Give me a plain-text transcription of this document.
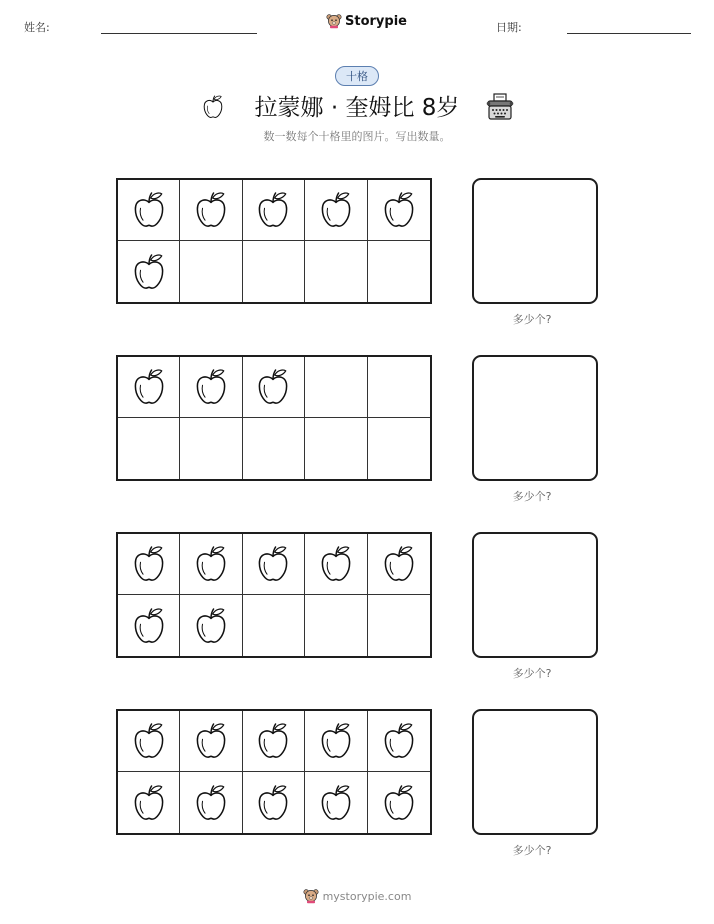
姓名:	Storypie	日期:
十格
拉蒙娜 · 奎姆比 8岁
数一数每个十格里的图片。写出数量。
多少个?
多少个?
多少个?
多少个?
mystorypie.com
